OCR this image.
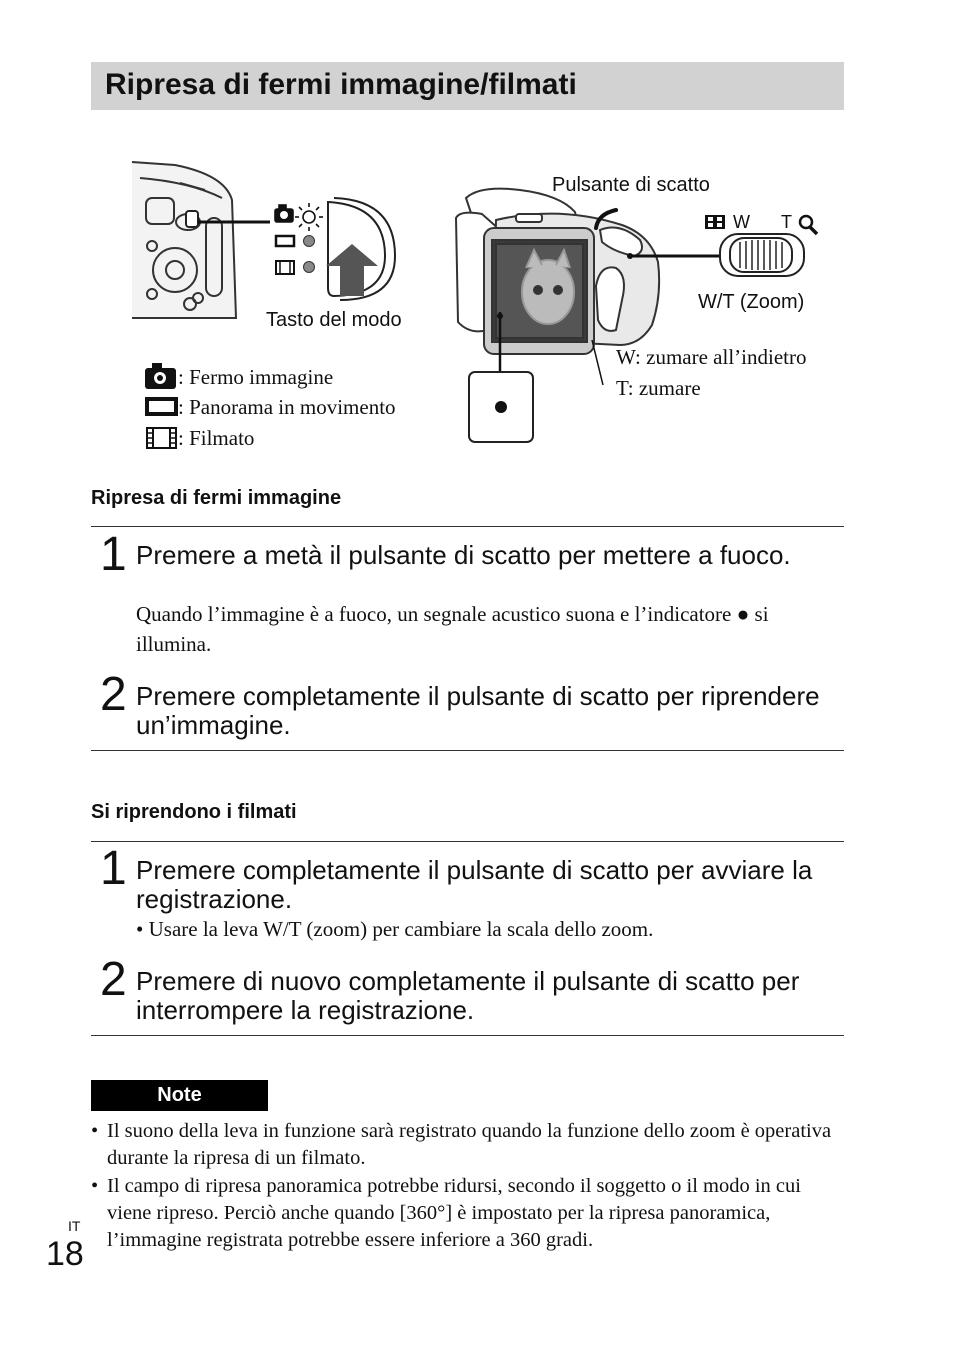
Ripresa di fermi immagine/filmati
Pulsante di scatto
Tasto del modo
W/T (Zoom)
W T
W: zumare all’indietro
T: zumare
: Fermo immagine
: Panorama in movimento
: Filmato
Ripresa di fermi immagine
1 Premere a metà il pulsante di scatto per mettere a fuoco.
Quando l’immagine è a fuoco, un segnale acustico suona e l’indicatore ● si illumina.
2 Premere completamente il pulsante di scatto per riprendere un’immagine.
Si riprendono i filmati
1 Premere completamente il pulsante di scatto per avviare la registrazione.
• Usare la leva W/T (zoom) per cambiare la scala dello zoom.
2 Premere di nuovo completamente il pulsante di scatto per interrompere la registrazione.
Note
• Il suono della leva in funzione sarà registrato quando la funzione dello zoom è operativa durante la ripresa di un filmato.
• Il campo di ripresa panoramica potrebbe ridursi, secondo il soggetto o il modo in cui viene ripreso. Perciò anche quando [360°] è impostato per la ripresa panoramica, l’immagine registrata potrebbe essere inferiore a 360 gradi.
IT
18
